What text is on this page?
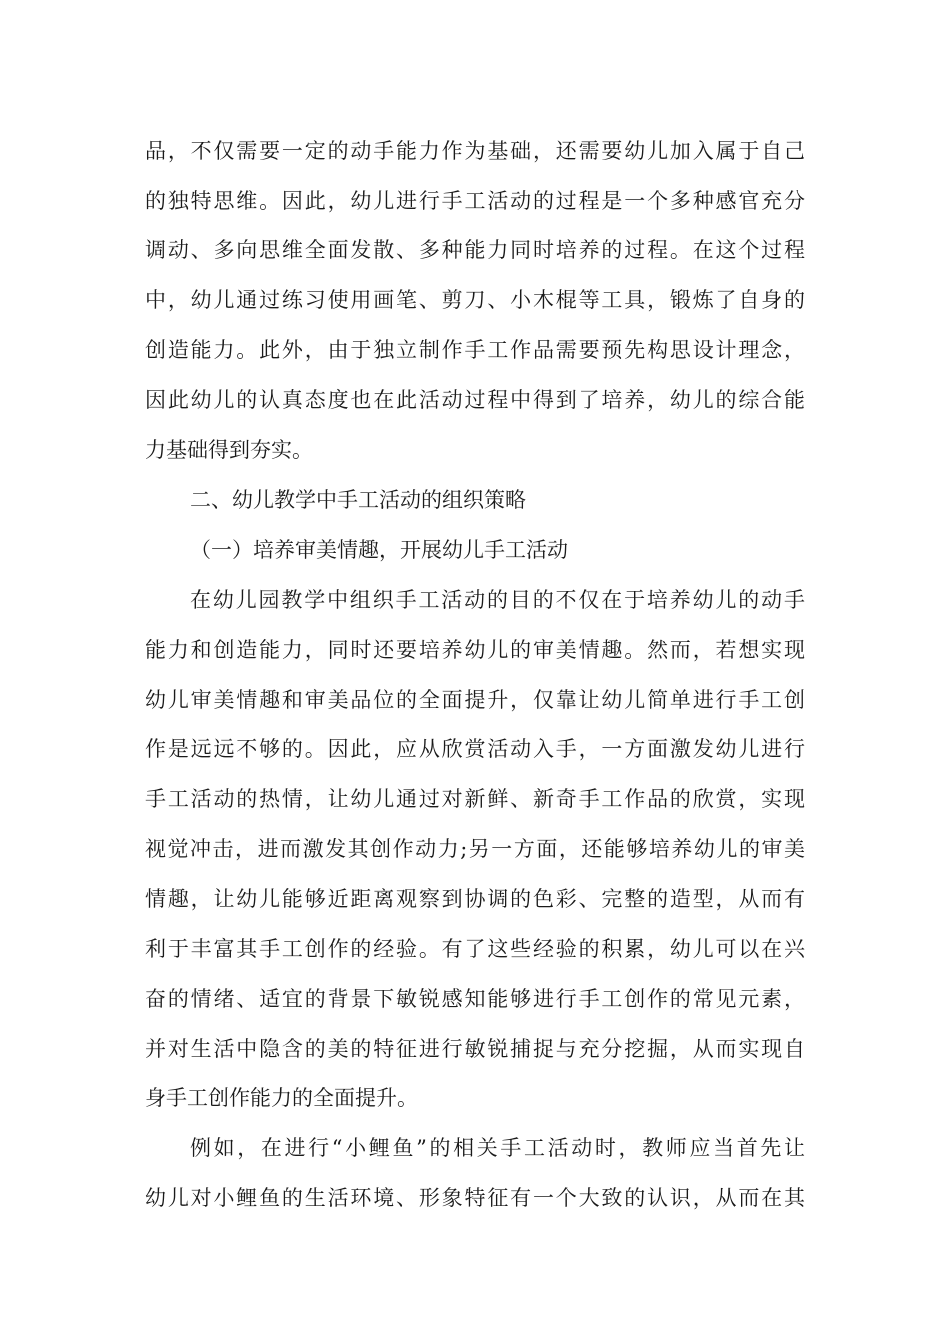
品，不仅需要一定的动手能力作为基础，还需要幼儿加入属于自己
的独特思维。因此，幼儿进行手工活动的过程是一个多种感官充分
调动、多向思维全面发散、多种能力同时培养的过程。在这个过程
中，幼儿通过练习使用画笔、剪刀、小木棍等工具，锻炼了自身的
创造能力。此外，由于独立制作手工作品需要预先构思设计理念，
因此幼儿的认真态度也在此活动过程中得到了培养，幼儿的综合能
力基础得到夯实。
二、幼儿教学中手工活动的组织策略
（一）培养审美情趣，开展幼儿手工活动
在幼儿园教学中组织手工活动的目的不仅在于培养幼儿的动手
能力和创造能力，同时还要培养幼儿的审美情趣。然而，若想实现
幼儿审美情趣和审美品位的全面提升，仅靠让幼儿简单进行手工创
作是远远不够的。因此，应从欣赏活动入手，一方面激发幼儿进行
手工活动的热情，让幼儿通过对新鲜、新奇手工作品的欣赏，实现
视觉冲击，进而激发其创作动力;另一方面，还能够培养幼儿的审美
情趣，让幼儿能够近距离观察到协调的色彩、完整的造型，从而有
利于丰富其手工创作的经验。有了这些经验的积累，幼儿可以在兴
奋的情绪、适宜的背景下敏锐感知能够进行手工创作的常见元素，
并对生活中隐含的美的特征进行敏锐捕捉与充分挖掘，从而实现自
身手工创作能力的全面提升。
例如，在进行“小鲤鱼”的相关手工活动时，教师应当首先让
幼儿对小鲤鱼的生活环境、形象特征有一个大致的认识，从而在其
